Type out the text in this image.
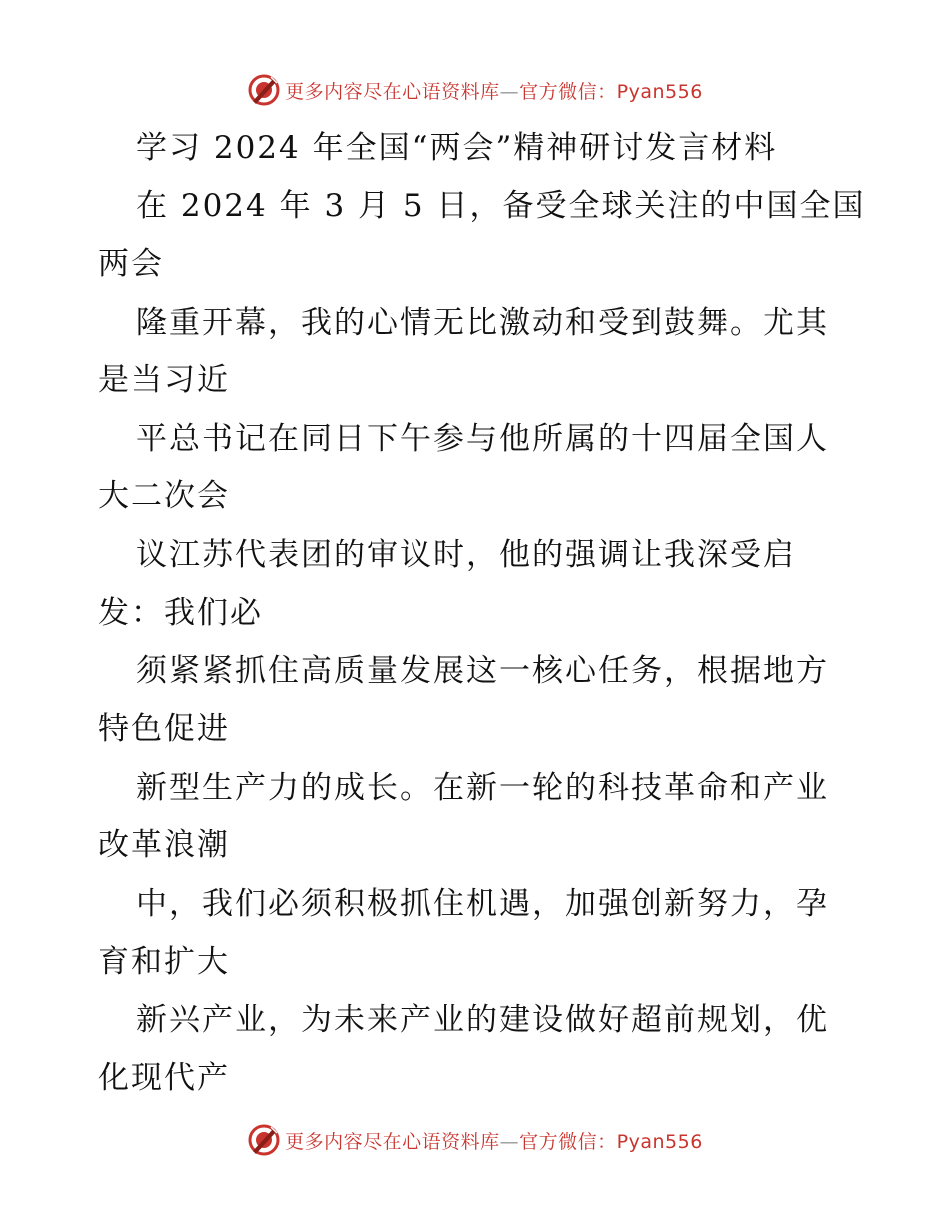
更多内容尽在心语资料库—官方微信：Pyan556
学习 2024 年全国“两会”精神研讨发言材料
在 2024 年 3 月 5 日，备受全球关注的中国全国
两会
隆重开幕，我的心情无比激动和受到鼓舞。尤其
是当习近
平总书记在同日下午参与他所属的十四届全国人
大二次会
议江苏代表团的审议时，他的强调让我深受启
发：我们必
须紧紧抓住高质量发展这一核心任务，根据地方
特色促进
新型生产力的成长。在新一轮的科技革命和产业
改革浪潮
中，我们必须积极抓住机遇，加强创新努力，孕
育和扩大
新兴产业，为未来产业的建设做好超前规划，优
化现代产
更多内容尽在心语资料库—官方微信：Pyan556
